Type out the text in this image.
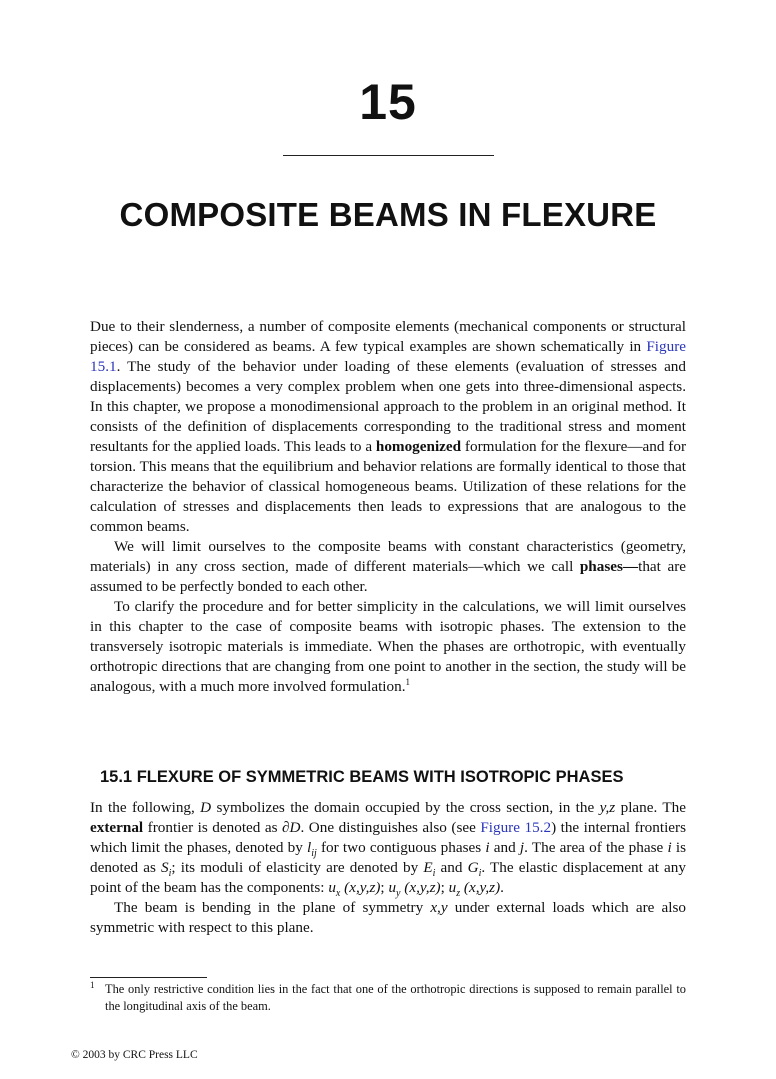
15
COMPOSITE BEAMS IN FLEXURE

Due to their slenderness, a number of composite elements (mechanical components or structural pieces) can be considered as beams. A few typical examples are shown schematically in Figure 15.1. The study of the behavior under loading of these elements (evaluation of stresses and displacements) becomes a very complex problem when one gets into three-dimensional aspects. In this chapter, we propose a monodimensional approach to the problem in an original method. It consists of the definition of displacements corresponding to the traditional stress and moment resultants for the applied loads. This leads to a homogenized formulation for the flexure—and for torsion. This means that the equilibrium and behavior relations are formally identical to those that characterize the behavior of classical homogeneous beams. Utilization of these relations for the calculation of stresses and displacements then leads to expressions that are analogous to the common beams.

We will limit ourselves to the composite beams with constant characteristics (geometry, materials) in any cross section, made of different materials—which we call phases—that are assumed to be perfectly bonded to each other.

To clarify the procedure and for better simplicity in the calculations, we will limit ourselves in this chapter to the case of composite beams with isotropic phases. The extension to the transversely isotropic materials is immediate. When the phases are orthotropic, with eventually orthotropic directions that are changing from one point to another in the section, the study will be analogous, with a much more involved formulation.$^1$

15.1 FLEXURE OF SYMMETRIC BEAMS WITH ISOTROPIC PHASES

In the following, D symbolizes the domain occupied by the cross section, in the y,z plane. The external frontier is denoted as ∂D. One distinguishes also (see Figure 15.2) the internal frontiers which limit the phases, denoted by $l_{ij}$ for two contiguous phases i and j. The area of the phase i is denoted as $S_i$; its moduli of elasticity are denoted by $E_i$ and $G_i$. The elastic displacement at any point of the beam has the components: $u_x$ (x,y,z); $u_y$ (x,y,z); $u_z$ (x,y,z).

The beam is bending in the plane of symmetry x,y under external loads which are also symmetric with respect to this plane.

1 The only restrictive condition lies in the fact that one of the orthotropic directions is supposed to remain parallel to the longitudinal axis of the beam.
© 2003 by CRC Press LLC
